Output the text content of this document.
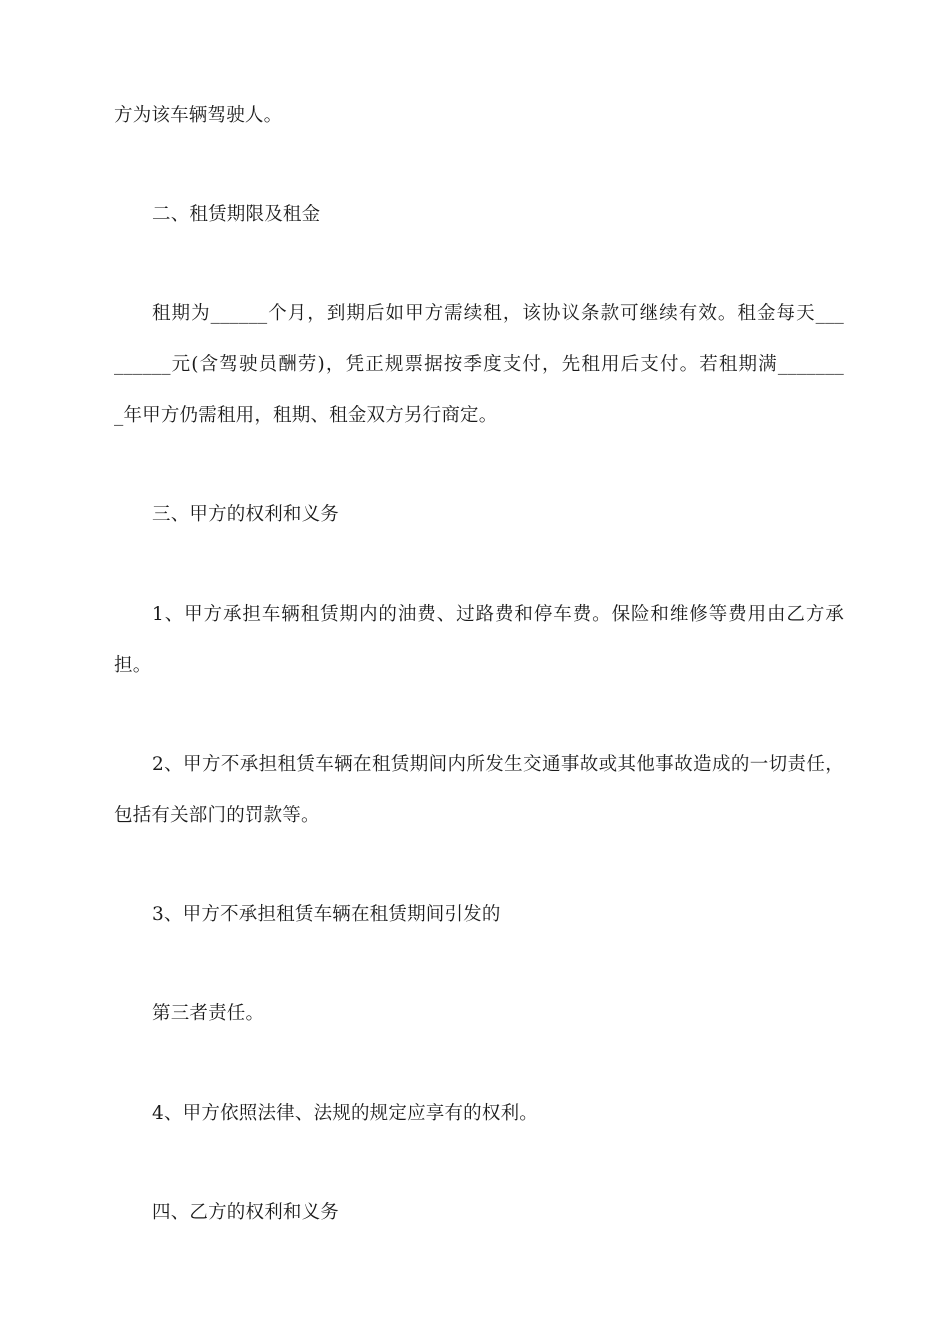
方为该车辆驾驶人。
二、租赁期限及租金
租期为______个月，到期后如甲方需续租，该协议条款可继续有效。租金每天___
______元(含驾驶员酬劳)，凭正规票据按季度支付，先租用后支付。若租期满_______
_年甲方仍需租用，租期、租金双方另行商定。
三、甲方的权利和义务
1、甲方承担车辆租赁期内的油费、过路费和停车费。保险和维修等费用由乙方承
担。
2、甲方不承担租赁车辆在租赁期间内所发生交通事故或其他事故造成的一切责任，
包括有关部门的罚款等。
3、甲方不承担租赁车辆在租赁期间引发的
第三者责任。
4、甲方依照法律、法规的规定应享有的权利。
四、乙方的权利和义务
